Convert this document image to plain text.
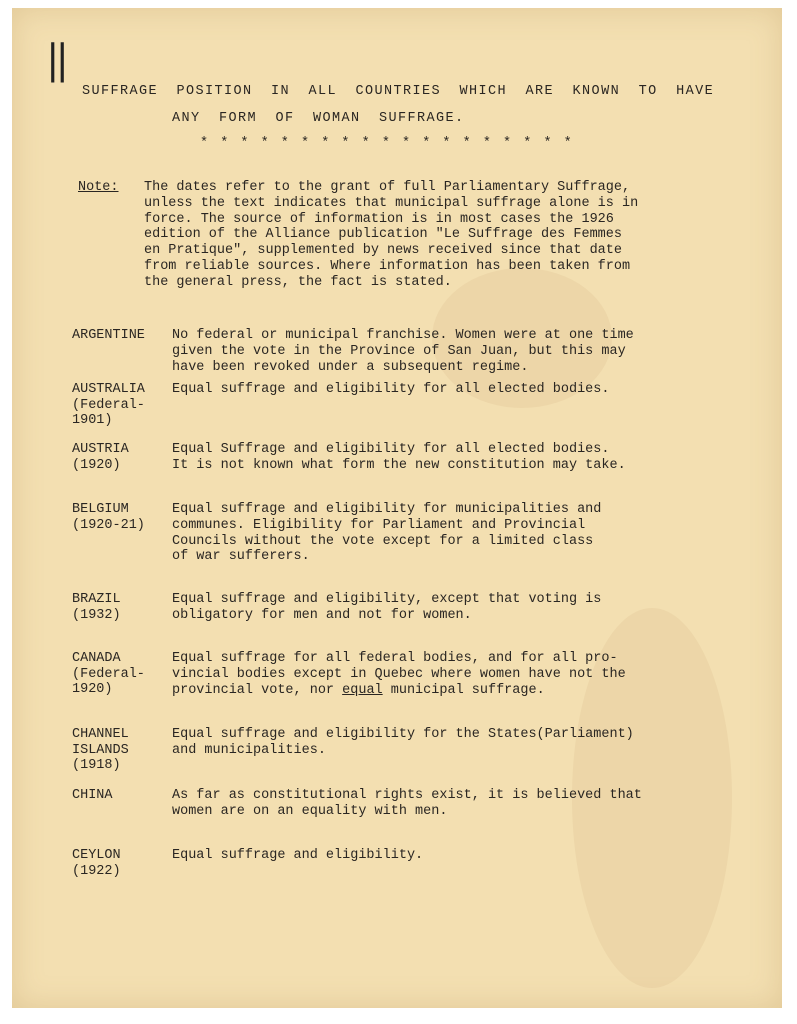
||
SUFFRAGE POSITION IN ALL COUNTRIES WHICH ARE KNOWN TO HAVE
ANY FORM OF WOMAN SUFFRAGE.
* * * * * * * * * * * * * * * * * * *
Note: The dates refer to the grant of full Parliamentary Suffrage,
unless the text indicates that municipal suffrage alone is in
force. The source of information is in most cases the 1926
edition of the Alliance publication "Le Suffrage des Femmes
en Pratique", supplemented by news received since that date
from reliable sources. Where information has been taken from
the general press, the fact is stated.
ARGENTINE	No federal or municipal franchise. Women were at one time
given the vote in the Province of San Juan, but this may
have been revoked under a subsequent regime.
AUSTRALIA
(Federal-
1901)
Equal suffrage and eligibility for all elected bodies.
AUSTRIA
(1920)
Equal Suffrage and eligibility for all elected bodies.
It is not known what form the new constitution may take.
BELGIUM
(1920-21)
Equal suffrage and eligibility for municipalities and
communes. Eligibility for Parliament and Provincial
Councils without the vote except for a limited class
of war sufferers.
BRAZIL
(1932)
Equal suffrage and eligibility, except that voting is
obligatory for men and not for women.
CANADA
(Federal-
1920)
Equal suffrage for all federal bodies, and for all pro-
vincial bodies except in Quebec where women have not the
provincial vote, nor equal municipal suffrage.
CHANNEL
ISLANDS
(1918)
Equal suffrage and eligibility for the States(Parliament)
and municipalities.
CHINA	As far as constitutional rights exist, it is believed that
women are on an equality with men.
CEYLON
(1922)
Equal suffrage and eligibility.
